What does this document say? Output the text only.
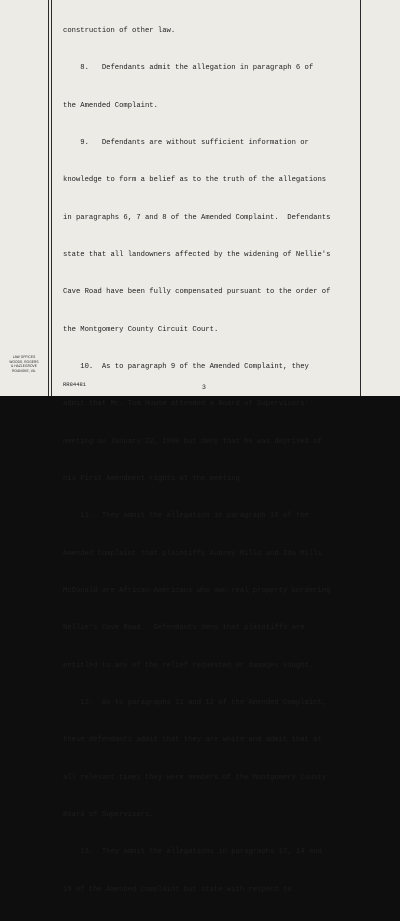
construction of other law.

8.   Defendants admit the allegation in paragraph 6 of

the Amended Complaint.

9.   Defendants are without sufficient information or

knowledge to form a belief as to the truth of the allegations

in paragraphs 6, 7 and 8 of the Amended Complaint.  Defendants

state that all landowners affected by the widening of Nellie's

Cave Road have been fully compensated pursuant to the order of

the Montgomery County Circuit Court.

10.  As to paragraph 9 of the Amended Complaint, they

admit that Mr. Tom Howse attended a Board of Supervisors'

meeting on January 22, 1990 but deny that he was deprived of

his First Amendment rights at the meeting.

11.  They admit the allegation in paragraph 10 of the

Amended Complaint that plaintiffs Aubrey Mills and Ida Mills

McDonald are African-Americans who own real property bordering

Nellie's Cave Road.  Defendants deny that plaintiffs are

entitled to any of the relief requested or damages sought.

12.  As to paragraphs 11 and 12 of the Amended Complaint,

these defendants admit that they are white and admit that at

all relevant times they were members of the Montgomery County

Board of Supervisors.

13.  They admit the allegations in paragraphs 13, 14 and

15 of the Amended Complaint but state with respect to

LAW OFFICES
WOODS, ROGERS
& HAZLEGROVE
ROANOKE, VA.
RR84481	3
